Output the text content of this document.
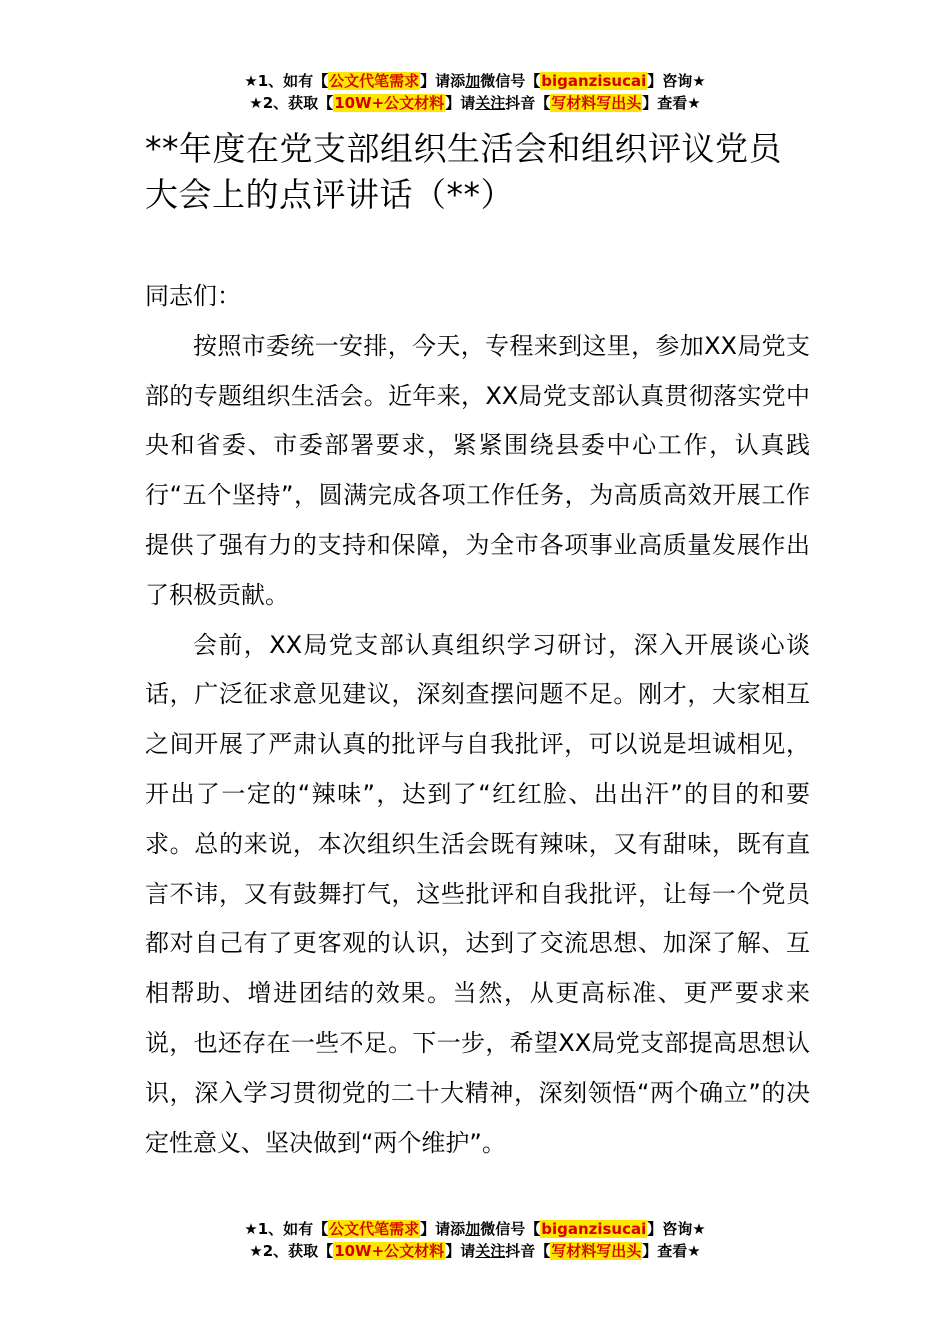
★1、如有【公文代笔需求】请添加微信号【biganzisucai】咨询★
★2、获取【10W+公文材料】请关注抖音【写材料写出头】查看★
**年度在党支部组织生活会和组织评议党员大会上的点评讲话（**）

同志们：

按照市委统一安排，今天，专程来到这里，参加XX局党支部的专题组织生活会。近年来，XX局党支部认真贯彻落实党中央和省委、市委部署要求，紧紧围绕县委中心工作，认真践行“五个坚持”，圆满完成各项工作任务，为高质高效开展工作提供了强有力的支持和保障，为全市各项事业高质量发展作出了积极贡献。

会前，XX局党支部认真组织学习研讨，深入开展谈心谈话，广泛征求意见建议，深刻查摆问题不足。刚才，大家相互之间开展了严肃认真的批评与自我批评，可以说是坦诚相见，开出了一定的“辣味”，达到了“红红脸、出出汗”的目的和要求。总的来说，本次组织生活会既有辣味，又有甜味，既有直言不讳，又有鼓舞打气，这些批评和自我批评，让每一个党员都对自己有了更客观的认识，达到了交流思想、加深了解、互相帮助、增进团结的效果。当然，从更高标准、更严要求来说，也还存在一些不足。下一步，希望XX局党支部提高思想认识，深入学习贯彻党的二十大精神，深刻领悟“两个确立”的决定性意义、坚决做到“两个维护”。

★1、如有【公文代笔需求】请添加微信号【biganzisucai】咨询★
★2、获取【10W+公文材料】请关注抖音【写材料写出头】查看★
